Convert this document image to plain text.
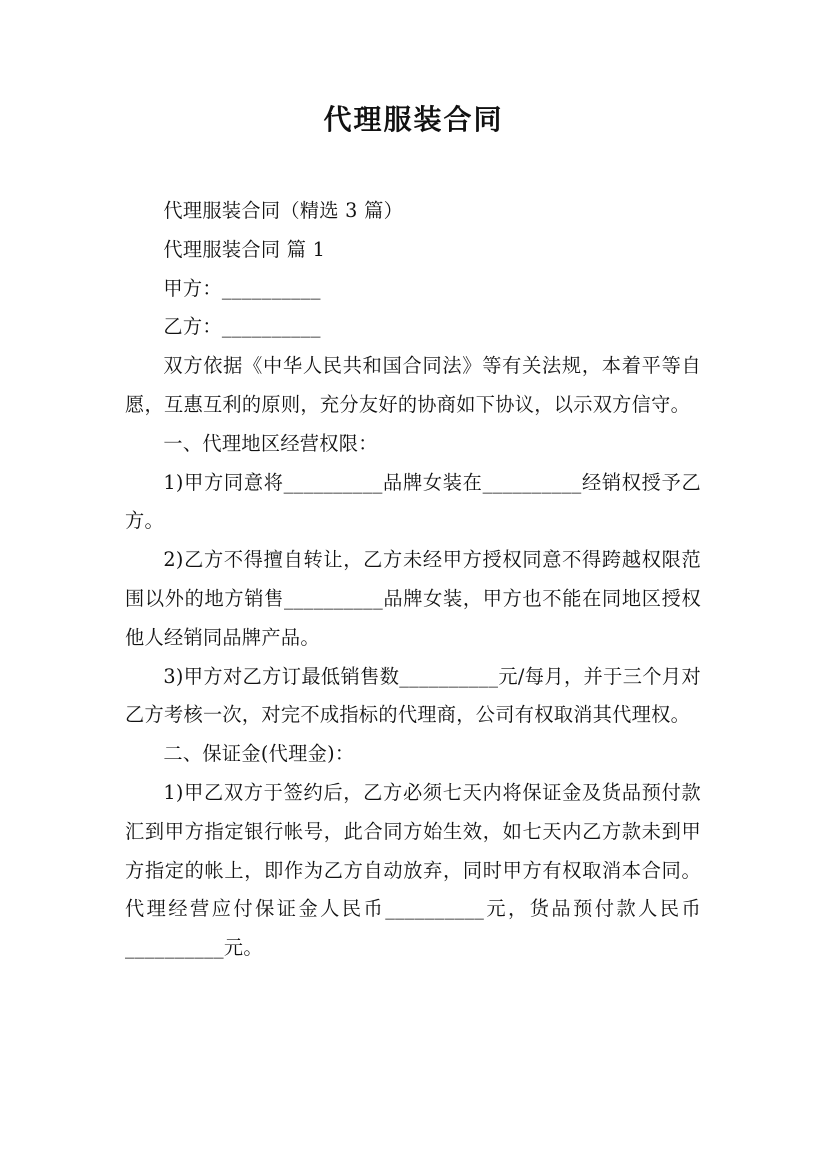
代理服装合同

代理服装合同（精选 3 篇）

代理服装合同 篇 1

甲方：__________

乙方：__________

双方依据《中华人民共和国合同法》等有关法规，本着平等自愿，互惠互利的原则，充分友好的协商如下协议，以示双方信守。

一、代理地区经营权限：

1)甲方同意将__________品牌女装在__________经销权授予乙方。

2)乙方不得擅自转让，乙方未经甲方授权同意不得跨越权限范围以外的地方销售__________品牌女装，甲方也不能在同地区授权他人经销同品牌产品。

3)甲方对乙方订最低销售数__________元/每月，并于三个月对乙方考核一次，对完不成指标的代理商，公司有权取消其代理权。

二、保证金(代理金)：

1)甲乙双方于签约后，乙方必须七天内将保证金及货品预付款汇到甲方指定银行帐号，此合同方始生效，如七天内乙方款未到甲方指定的帐上，即作为乙方自动放弃，同时甲方有权取消本合同。代理经营应付保证金人民币__________元，货品预付款人民币__________元。
